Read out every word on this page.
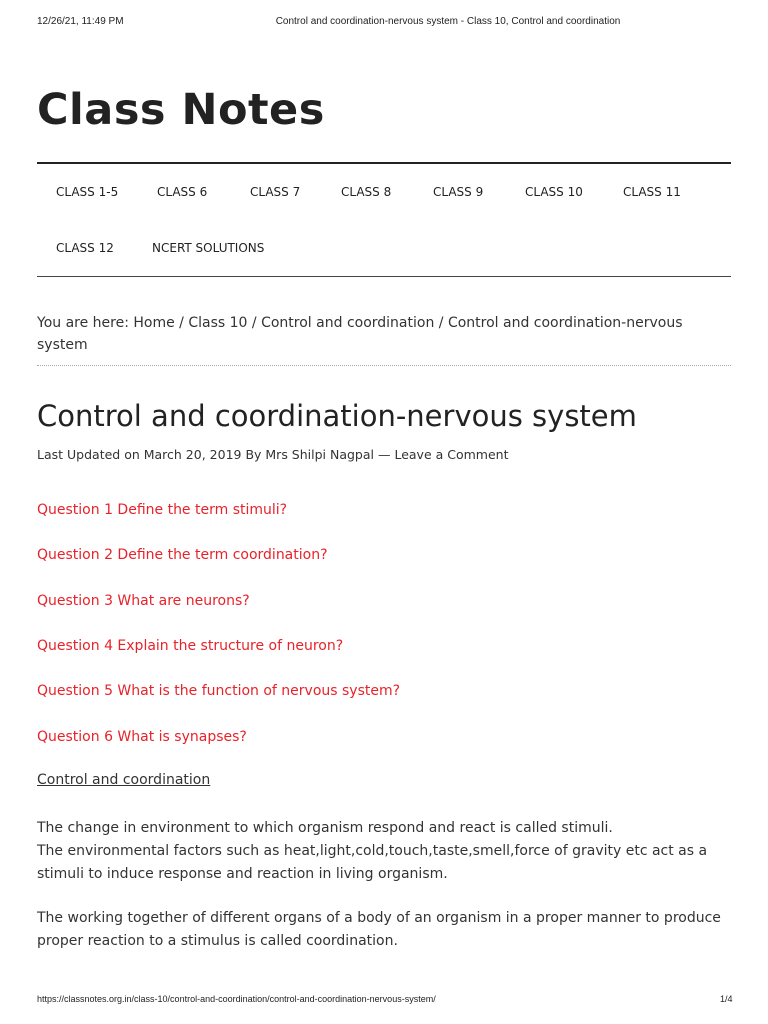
12/26/21, 11:49 PM	Control and coordination-nervous system - Class 10, Control and coordination
Class Notes
CLASS 1-5	CLASS 6	CLASS 7	CLASS 8	CLASS 9	CLASS 10	CLASS 11
CLASS 12	NCERT SOLUTIONS
You are here: Home / Class 10 / Control and coordination / Control and coordination-nervous system
Control and coordination-nervous system
Last Updated on March 20, 2019 By Mrs Shilpi Nagpal — Leave a Comment
Question 1 Define the term stimuli?
Question 2 Define the term coordination?
Question 3 What are neurons?
Question 4 Explain the structure of neuron?
Question 5 What is the function of nervous system?
Question 6 What is synapses?
Control and coordination

The change in environment to which organism respond and react is called stimuli.
The environmental factors such as heat,light,cold,touch,taste,smell,force of gravity etc act as a stimuli to induce response and reaction in living organism.

The working together of different organs of a body of an organism in a proper manner to produce proper reaction to a stimulus is called coordination.

https://classnotes.org.in/class-10/control-and-coordination/control-and-coordination-nervous-system/	1/4
